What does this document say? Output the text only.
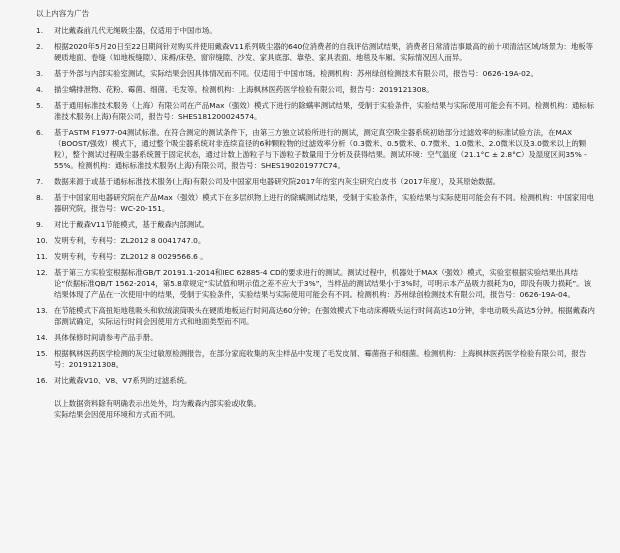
以上内容为广告
1.	对比戴森前几代无绳吸尘器，仅适用于中国市场。
2.	根据2020年5月20日至22日期间针对购买并使用戴森V11系列吸尘器的640位消费者的自我评估测试结果，消费者日常清洁事最高的前十项清洁区域/场景为：地板等硬质地面、卷缝（如地板缝隙）、床褥/床垫、窗帘缝隙、沙发、家具底部、靠垫、家具表面、地毯及车厢。实际情况因人而异。
3.	基于外部与内部实验室测试，实际结果会因具体情况而不同。仅适用于中国市场。检测机构：苏州绿创检测技术有限公司，报告号：0626-19A-02。
4.	描尘螨排泄物、花粉、霉菌、细菌、毛发等。检测机构：上海枫林医药医学检验有限公司，报告号：2019121308。
5.	基于通用标准技术服务（上海）有限公司在产品Max（强效）模式下进行的除螨率测试结果，受制于实验条件，实验结果与实际使用可能会有不同。检测机构：通标标准技术服务(上海)有限公司，报告号：SHES181200024574。
6.	基于ASTM F1977-04测试标准。在符合测定的测试条件下，由第三方独立试验所进行的测试，测定真空吸尘器系统初始部分过滤效率的标准试验方法，在MAX（BOOST/强效）模式下，通过整个吸尘器系统对非连续直径的6种颗粒物的过滤效率分析（0.3微米、0.5微米、0.7微米、1.0微米、2.0微米以及3.0微米以上的颗粒），整个测试过程吸尘器系统置于固定状态，通过计数上游粒子与下游粒子数量用于分析及获得结果。测试环境：空气温度（21.1°C ± 2.8°C）及湿度区间35% - 55%。检测机构：通标标准技术服务(上海)有限公司，报告号：SHES190201977C74。
7.	数据来源于或基于通标标准技术服务(上海)有限公司及中国家用电器研究院2017年的室内灰尘研究白皮书（2017年度），及其原始数据。
8.	基于中国家用电器研究院在产品Max（强效）模式下在多层织物上进行的除螨测试结果，受制于实验条件，实验结果与实际使用可能会有不同。检测机构：中国家用电器研究院，报告号：WC-20-151。
9.	对比于戴森V11节能模式，基于戴森内部测试。
10. 发明专利，专利号：ZL2012 8 0041747.0。
11. 发明专利，专利号：ZL2012 8 0029566.6 。
12. 基于第三方实验室根据标准GB/T 20191.1-2014和IEC 62885-4 CD的要求进行的测试。测试过程中，机器处于MAX（强效）模式，实验室根据实验结果出具结论“依据标准QB/T 1562-2014，第5.8章规定“实试值和明示值之差不应大于3%”，当样品的测试结果小于3%时，可明示本产品吸力损耗为0，即没有吸力损耗”。该结果体现了产品在一次使用中的结果，受制于实验条件，实验结果与实际使用可能会有不同。检测机构：苏州绿创检测技术有限公司，报告号：0626-19A-04。
13. 在节能模式下高扭矩地毯吸头和软绒滚筒吸头在硬质地板运行时间高达60分钟；在强效模式下电动床褥吸头运行时间高达10分钟，非电动吸头高达5分钟。根据戴森内部测试确定，实际运行时间会因使用方式和地面类型而不同。
14. 具体保修时间请参考产品手册。
15. 根据枫林医药医学检测的灰尘过敏原检测报告，在部分家庭收集的灰尘样品中发现了毛发皮屑、霉菌孢子和细菌。检测机构：上海枫林医药医学检验有限公司，报告号：2019121308。
16. 对比戴森V10、V8、V7系列的过滤系统。
以上数据资料除有明确表示出处外，均为戴森内部实验或收集。
实际结果会因使用环境和方式而不同。
